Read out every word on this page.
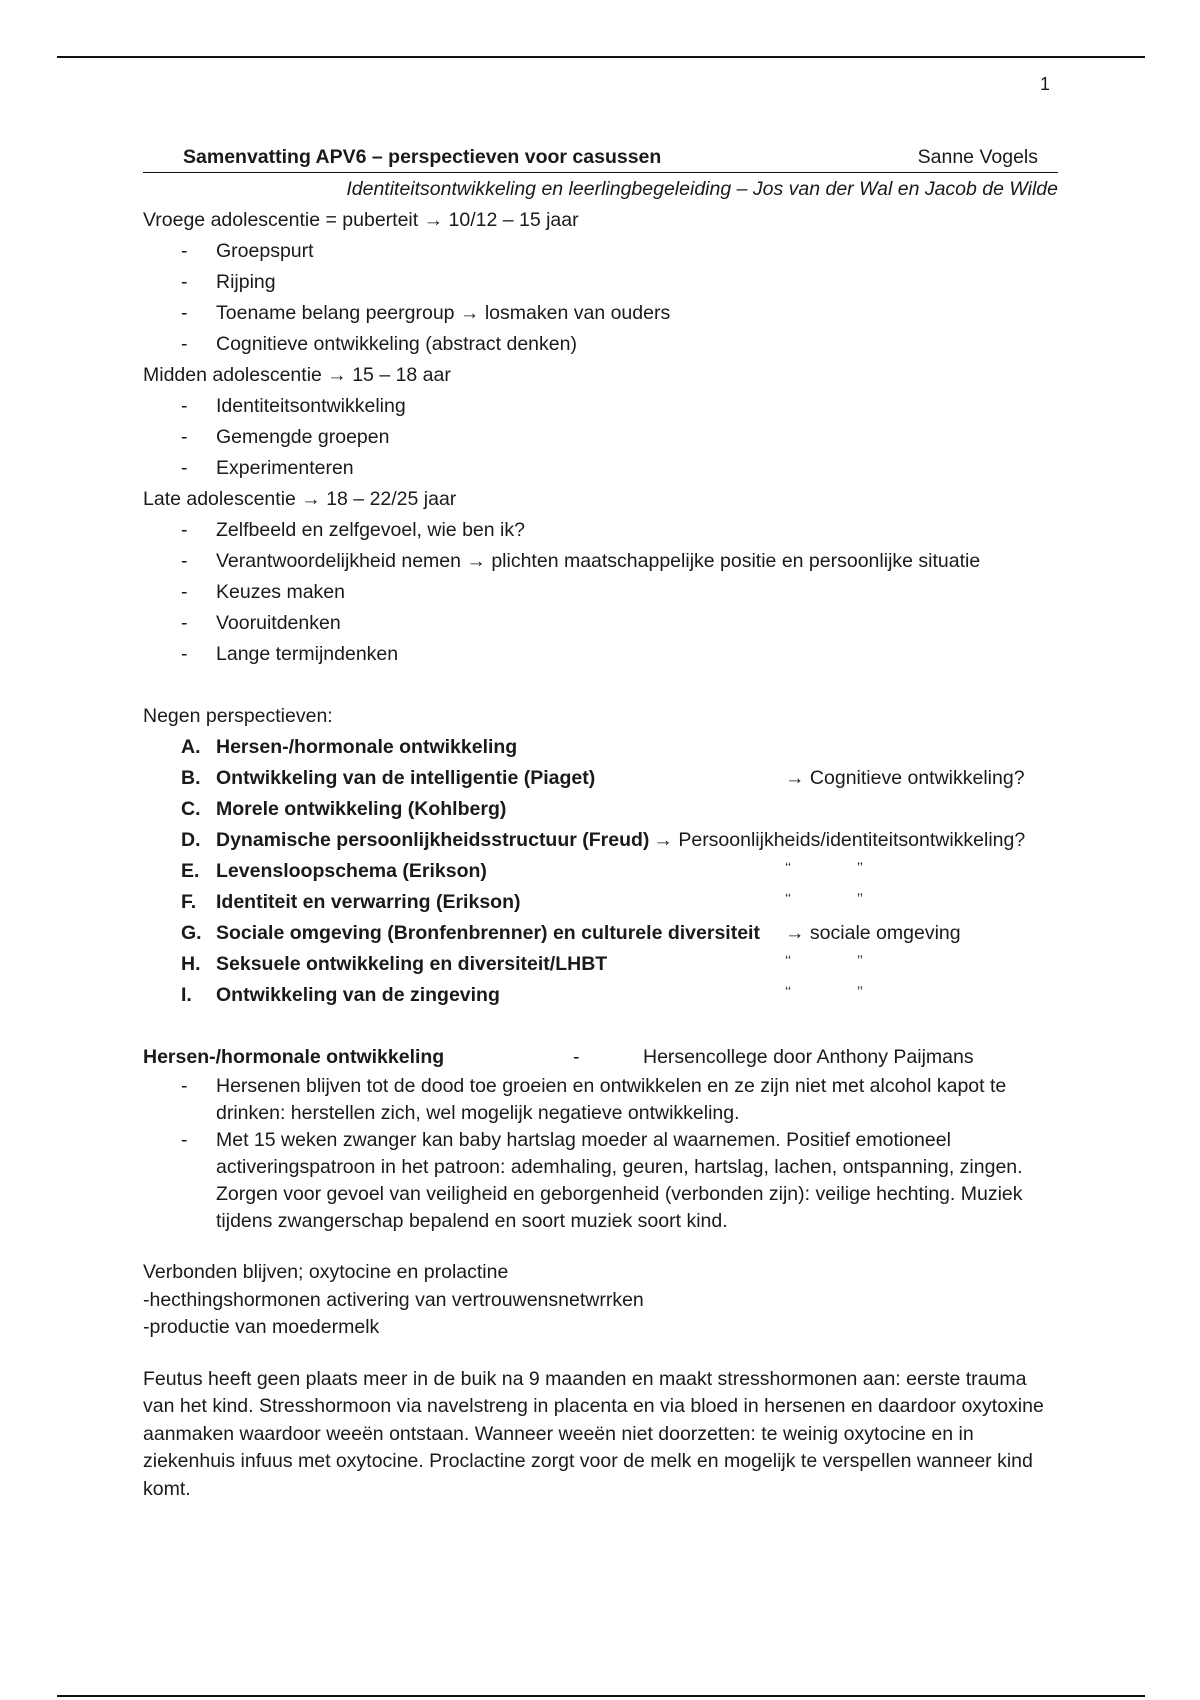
1
Samenvatting APV6 – perspectieven voor casussen	Sanne Vogels
Identiteitsontwikkeling en leerlingbegeleiding – Jos van der Wal en Jacob de Wilde
Vroege adolescentie = puberteit → 10/12 – 15 jaar
-	Groepspurt
-	Rijping
-	Toename belang peergroup → losmaken van ouders
-	Cognitieve ontwikkeling (abstract denken)
Midden adolescentie → 15 – 18 aar
-	Identiteitsontwikkeling
-	Gemengde groepen
-	Experimenteren
Late adolescentie → 18 – 22/25 jaar
-	Zelfbeeld en zelfgevoel, wie ben ik?
-	Verantwoordelijkheid nemen → plichten maatschappelijke positie en persoonlijke situatie
-	Keuzes maken
-	Vooruitdenken
-	Lange termijndenken
Negen perspectieven:
A. Hersen-/hormonale ontwikkeling
B. Ontwikkeling van de intelligentie (Piaget)	→ Cognitieve ontwikkeling?
C. Morele ontwikkeling (Kohlberg)
D. Dynamische persoonlijkheidsstructuur (Freud) → Persoonlijkheids/identiteitsontwikkeling?
E. Levensloopschema (Erikson)	‘‘	’’
F.	Identiteit en verwarring (Erikson)	‘‘	’’
G. Sociale omgeving (Bronfenbrenner) en culturele diversiteit → sociale omgeving
H. Seksuele ontwikkeling en diversiteit/LHBT	‘‘	’’
I.	Ontwikkeling van de zingeving	‘‘	’’
Hersen-/hormonale ontwikkeling	-	Hersencollege door Anthony Paijmans
-	Hersenen blijven tot de dood toe groeien en ontwikkelen en ze zijn niet met alcohol kapot te drinken: herstellen zich, wel mogelijk negatieve ontwikkeling.
-	Met 15 weken zwanger kan baby hartslag moeder al waarnemen. Positief emotioneel activeringspatroon in het patroon: ademhaling, geuren, hartslag, lachen, ontspanning, zingen. Zorgen voor gevoel van veiligheid en geborgenheid (verbonden zijn): veilige hechting. Muziek tijdens zwangerschap bepalend en soort muziek soort kind.
Verbonden blijven; oxytocine en prolactine
-hecthingshormonen activering van vertrouwensnetwrrken
-productie van moedermelk
Feutus heeft geen plaats meer in de buik na 9 maanden en maakt stresshormonen aan: eerste trauma van het kind. Stresshormoon via navelstreng in placenta en via bloed in hersenen en daardoor oxytoxine aanmaken waardoor weeën ontstaan. Wanneer weeën niet doorzetten: te weinig oxytocine en in ziekenhuis infuus met oxytocine. Proclactine zorgt voor de melk en mogelijk te verspellen wanneer kind komt.
